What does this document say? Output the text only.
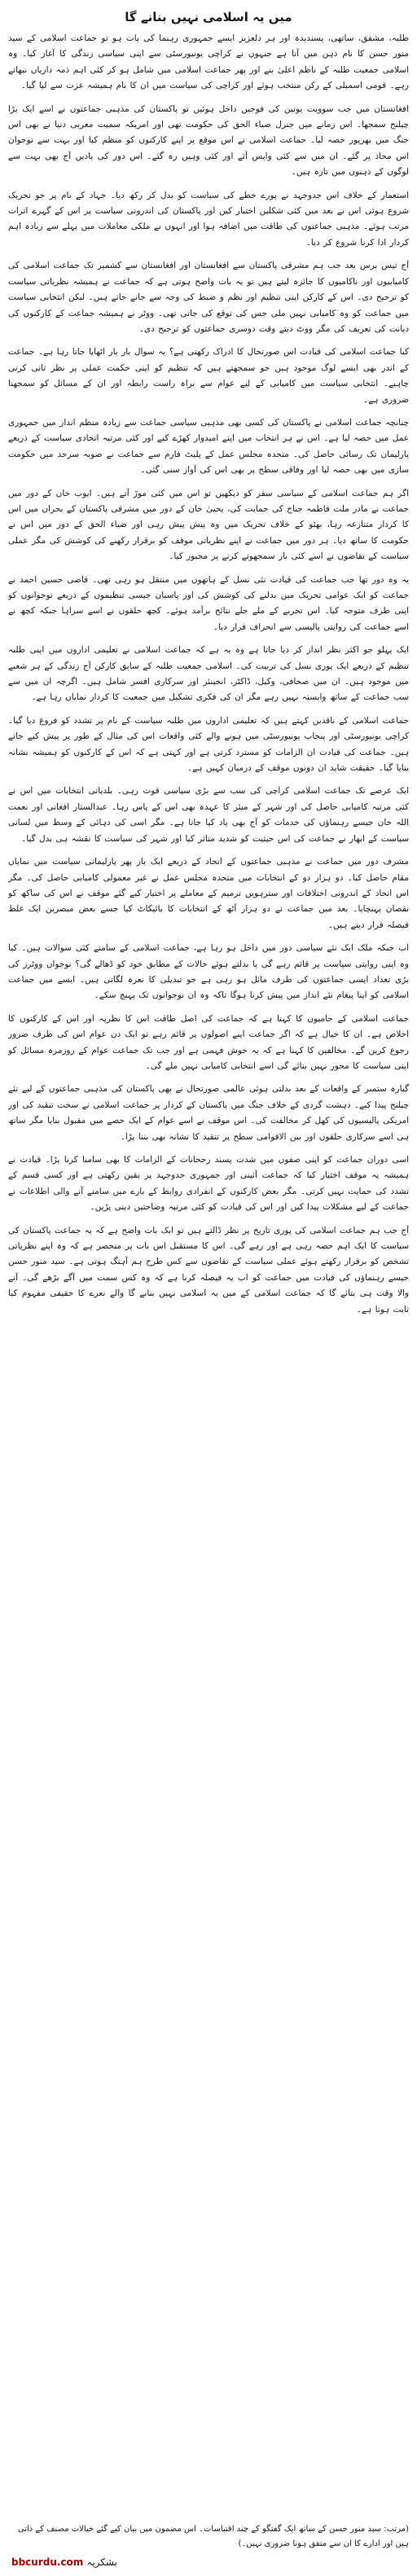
میں یہ اسلامی نہیں بنانے گا

طلبہ، مشفق، ساتھی، پسندیدہ اور ہر دلعزیز ایسے جمہوری رہنما کی بات ہو تو جماعت اسلامی کے سید منور حسن کا نام ذہن میں آتا ہے جنہوں نے کراچی یونیورسٹی سے اپنی سیاسی زندگی کا آغاز کیا۔ وہ اسلامی جمعیت طلبہ کے ناظم اعلیٰ بنے اور پھر جماعت اسلامی میں شامل ہو کر کئی اہم ذمہ داریاں نبھاتے رہے۔ قومی اسمبلی کے رکن منتخب ہوئے اور کراچی کی سیاست میں ان کا نام ہمیشہ عزت سے لیا گیا۔

افغانستان میں جب سوویت یونین کی فوجیں داخل ہوئیں تو پاکستان کی مذہبی جماعتوں نے اسے ایک بڑا چیلنج سمجھا۔ اس زمانے میں جنرل ضیاء الحق کی حکومت تھی اور امریکہ سمیت مغربی دنیا نے بھی اس جنگ میں بھرپور حصہ لیا۔ جماعت اسلامی نے اس موقع پر اپنے کارکنوں کو منظم کیا اور بہت سے نوجوان اس محاذ پر گئے۔ ان میں سے کئی واپس آئے اور کئی وہیں رہ گئے۔ اس دور کی یادیں آج بھی بہت سے لوگوں کے ذہنوں میں تازہ ہیں۔

استعمار کے خلاف اس جدوجہد نے پورے خطے کی سیاست کو بدل کر رکھ دیا۔ جہاد کے نام پر جو تحریک شروع ہوئی اس نے بعد میں کئی شکلیں اختیار کیں اور پاکستان کی اندرونی سیاست پر اس کے گہرے اثرات مرتب ہوئے۔ مذہبی جماعتوں کی طاقت میں اضافہ ہوا اور انہوں نے ملکی معاملات میں پہلے سے زیادہ اہم کردار ادا کرنا شروع کر دیا۔

آج تیس برس بعد جب ہم مشرقی پاکستان سے افغانستان اور افغانستان سے کشمیر تک جماعت اسلامی کی کامیابیوں اور ناکامیوں کا جائزہ لیتے ہیں تو یہ بات واضح ہوتی ہے کہ جماعت نے ہمیشہ نظریاتی سیاست کو ترجیح دی۔ اس کے کارکن اپنی تنظیم اور نظم و ضبط کی وجہ سے جانے جاتے ہیں۔ لیکن انتخابی سیاست میں جماعت کو وہ کامیابی نہیں ملی جس کی توقع کی جاتی تھی۔ ووٹر نے ہمیشہ جماعت کے کارکنوں کی دیانت کی تعریف کی مگر ووٹ دیتے وقت دوسری جماعتوں کو ترجیح دی۔

کیا جماعت اسلامی کی قیادت اس صورتحال کا ادراک رکھتی ہے؟ یہ سوال بار بار اٹھایا جاتا رہا ہے۔ جماعت کے اندر بھی ایسے لوگ موجود ہیں جو سمجھتے ہیں کہ تنظیم کو اپنی حکمت عملی پر نظر ثانی کرنی چاہیے۔ انتخابی سیاست میں کامیابی کے لیے عوام سے براہ راست رابطہ اور ان کے مسائل کو سمجھنا ضروری ہے۔

چنانچہ جماعت اسلامی نے پاکستان کی کسی بھی مذہبی سیاسی جماعت سے زیادہ منظم انداز میں جمہوری عمل میں حصہ لیا ہے۔ اس نے ہر انتخاب میں اپنے امیدوار کھڑے کیے اور کئی مرتبہ اتحادی سیاست کے ذریعے پارلیمان تک رسائی حاصل کی۔ متحدہ مجلس عمل کے پلیٹ فارم سے جماعت نے صوبہ سرحد میں حکومت سازی میں بھی حصہ لیا اور وفاقی سطح پر بھی اس کی آواز سنی گئی۔

اگر ہم جماعت اسلامی کے سیاسی سفر کو دیکھیں تو اس میں کئی موڑ آتے ہیں۔ ایوب خان کے دور میں جماعت نے مادر ملت فاطمہ جناح کی حمایت کی، یحییٰ خان کے دور میں مشرقی پاکستان کے بحران میں اس کا کردار متنازعہ رہا، بھٹو کے خلاف تحریک میں وہ پیش پیش رہی اور ضیاء الحق کے دور میں اس نے حکومت کا ساتھ دیا۔ ہر دور میں جماعت نے اپنے نظریاتی موقف کو برقرار رکھنے کی کوشش کی مگر عملی سیاست کے تقاضوں نے اسے کئی بار سمجھوتے کرنے پر مجبور کیا۔

یہ وہ دور تھا جب جماعت کی قیادت نئی نسل کے ہاتھوں میں منتقل ہو رہی تھی۔ قاضی حسین احمد نے جماعت کو ایک عوامی تحریک میں بدلنے کی کوشش کی اور پاسبان جیسی تنظیموں کے ذریعے نوجوانوں کو اپنی طرف متوجہ کیا۔ اس تجربے کے ملے جلے نتائج برآمد ہوئے۔ کچھ حلقوں نے اسے سراہا جبکہ کچھ نے اسے جماعت کی روایتی پالیسی سے انحراف قرار دیا۔

ایک پہلو جو اکثر نظر انداز کر دیا جاتا ہے وہ یہ ہے کہ جماعت اسلامی نے تعلیمی اداروں میں اپنی طلبہ تنظیم کے ذریعے ایک پوری نسل کی تربیت کی۔ اسلامی جمعیت طلبہ کے سابق کارکن آج زندگی کے ہر شعبے میں موجود ہیں۔ ان میں صحافی، وکیل، ڈاکٹر، انجینئر اور سرکاری افسر شامل ہیں۔ اگرچہ ان میں سے سب جماعت کے ساتھ وابستہ نہیں رہے مگر ان کی فکری تشکیل میں جمعیت کا کردار نمایاں رہا ہے۔

جماعت اسلامی کے ناقدین کہتے ہیں کہ تعلیمی اداروں میں طلبہ سیاست کے نام پر تشدد کو فروغ دیا گیا۔ کراچی یونیورسٹی اور پنجاب یونیورسٹی میں ہونے والے کئی واقعات اس کی مثال کے طور پر پیش کیے جاتے ہیں۔ جماعت کی قیادت ان الزامات کو مسترد کرتی ہے اور کہتی ہے کہ اس کے کارکنوں کو ہمیشہ نشانہ بنایا گیا۔ حقیقت شاید ان دونوں موقف کے درمیان کہیں ہے۔

ایک عرصے تک جماعت اسلامی کراچی کی سب سے بڑی سیاسی قوت رہی۔ بلدیاتی انتخابات میں اس نے کئی مرتبہ کامیابی حاصل کی اور شہر کے میئر کا عہدہ بھی اس کے پاس رہا۔ عبدالستار افغانی اور نعمت اللہ خان جیسے رہنماؤں کی خدمات کو آج بھی یاد کیا جاتا ہے۔ مگر اسی کی دہائی کے وسط میں لسانی سیاست کے ابھار نے جماعت کی اس حیثیت کو شدید متاثر کیا اور شہر کی سیاست کا نقشہ ہی بدل گیا۔

مشرف دور میں جماعت نے مذہبی جماعتوں کے اتحاد کے ذریعے ایک بار پھر پارلیمانی سیاست میں نمایاں مقام حاصل کیا۔ دو ہزار دو کے انتخابات میں متحدہ مجلس عمل نے غیر معمولی کامیابی حاصل کی۔ مگر اس اتحاد کے اندرونی اختلافات اور سترہویں ترمیم کے معاملے پر اختیار کیے گئے موقف نے اس کی ساکھ کو نقصان پہنچایا۔ بعد میں جماعت نے دو ہزار آٹھ کے انتخابات کا بائیکاٹ کیا جسے بعض مبصرین ایک غلط فیصلہ قرار دیتے ہیں۔

اب جبکہ ملک ایک نئے سیاسی دور میں داخل ہو رہا ہے، جماعت اسلامی کے سامنے کئی سوالات ہیں۔ کیا وہ اپنی روایتی سیاست پر قائم رہے گی یا بدلتے ہوئے حالات کے مطابق خود کو ڈھالے گی؟ نوجوان ووٹرز کی بڑی تعداد ایسی جماعتوں کی طرف مائل ہو رہی ہے جو تبدیلی کا نعرہ لگاتی ہیں۔ ایسے میں جماعت اسلامی کو اپنا پیغام نئے انداز میں پیش کرنا ہوگا تاکہ وہ ان نوجوانوں تک پہنچ سکے۔

جماعت اسلامی کے حامیوں کا کہنا ہے کہ جماعت کی اصل طاقت اس کا نظریہ اور اس کے کارکنوں کا اخلاص ہے۔ ان کا خیال ہے کہ اگر جماعت اپنے اصولوں پر قائم رہے تو ایک دن عوام اس کی طرف ضرور رجوع کریں گے۔ مخالفین کا کہنا ہے کہ یہ خوش فہمی ہے اور جب تک جماعت عوام کے روزمرہ مسائل کو اپنی سیاست کا محور نہیں بنائے گی اسے انتخابی کامیابی نہیں ملے گی۔

گیارہ ستمبر کے واقعات کے بعد بدلتی ہوئی عالمی صورتحال نے بھی پاکستان کی مذہبی جماعتوں کے لیے نئے چیلنج پیدا کیے۔ دہشت گردی کے خلاف جنگ میں پاکستان کے کردار پر جماعت اسلامی نے سخت تنقید کی اور امریکی پالیسیوں کی کھل کر مخالفت کی۔ اس موقف نے اسے عوام کے ایک حصے میں مقبول بنایا مگر ساتھ ہی اسے سرکاری حلقوں اور بین الاقوامی سطح پر تنقید کا نشانہ بھی بننا پڑا۔

اسی دوران جماعت کو اپنی صفوں میں شدت پسند رجحانات کے الزامات کا بھی سامنا کرنا پڑا۔ قیادت نے ہمیشہ یہ موقف اختیار کیا کہ جماعت آئینی اور جمہوری جدوجہد پر یقین رکھتی ہے اور کسی قسم کے تشدد کی حمایت نہیں کرتی۔ مگر بعض کارکنوں کے انفرادی روابط کے بارے میں سامنے آنے والی اطلاعات نے جماعت کے لیے مشکلات پیدا کیں اور اس کی قیادت کو کئی مرتبہ وضاحتیں دینی پڑیں۔

آج جب ہم جماعت اسلامی کی پوری تاریخ پر نظر ڈالتے ہیں تو ایک بات واضح ہے کہ یہ جماعت پاکستان کی سیاست کا ایک اہم حصہ رہی ہے اور رہے گی۔ اس کا مستقبل اس بات پر منحصر ہے کہ وہ اپنے نظریاتی تشخص کو برقرار رکھتے ہوئے عملی سیاست کے تقاضوں سے کس طرح ہم آہنگ ہوتی ہے۔ سید منور حسن جیسے رہنماؤں کی قیادت میں جماعت کو اب یہ فیصلہ کرنا ہے کہ وہ کس سمت میں آگے بڑھے گی۔ آنے والا وقت ہی بتائے گا کہ جماعت اسلامی کے میں یہ اسلامی نہیں بنانے گا والے نعرے کا حقیقی مفہوم کیا ثابت ہوتا ہے۔

(مرتب: سید منور حسن کے ساتھ ایک گفتگو کے چند اقتباسات۔ اس مضمون میں بیان کیے گئے خیالات مصنف کے ذاتی ہیں اور ادارے کا ان سے متفق ہونا ضروری نہیں۔)
bbcurdu.com بشکریہ
